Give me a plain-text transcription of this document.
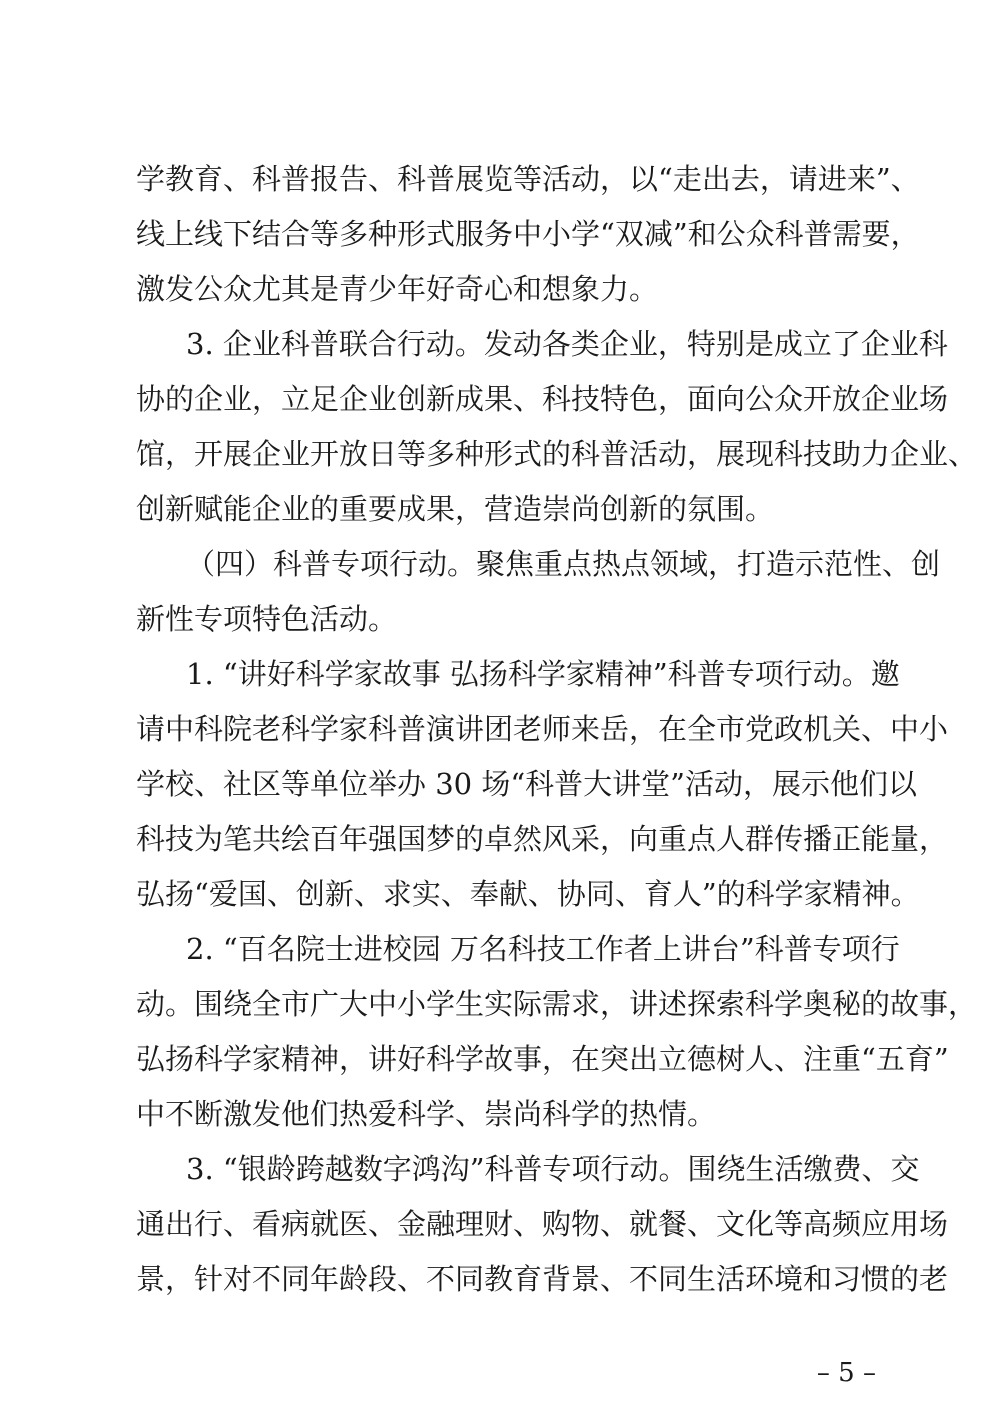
学教育、科普报告、科普展览等活动，以“走出去，请进来”、
线上线下结合等多种形式服务中小学“双减”和公众科普需要，
激发公众尤其是青少年好奇心和想象力。
3. 企业科普联合行动。发动各类企业，特别是成立了企业科
协的企业，立足企业创新成果、科技特色，面向公众开放企业场
馆，开展企业开放日等多种形式的科普活动，展现科技助力企业、
创新赋能企业的重要成果，营造崇尚创新的氛围。
（四）科普专项行动。聚焦重点热点领域，打造示范性、创
新性专项特色活动。
1. “讲好科学家故事 弘扬科学家精神”科普专项行动。邀
请中科院老科学家科普演讲团老师来岳，在全市党政机关、中小
学校、社区等单位举办 30 场“科普大讲堂”活动，展示他们以
科技为笔共绘百年强国梦的卓然风采，向重点人群传播正能量，
弘扬“爱国、创新、求实、奉献、协同、育人”的科学家精神。
2. “百名院士进校园 万名科技工作者上讲台”科普专项行
动。围绕全市广大中小学生实际需求，讲述探索科学奥秘的故事，
弘扬科学家精神，讲好科学故事，在突出立德树人、注重“五育”
中不断激发他们热爱科学、崇尚科学的热情。
3. “银龄跨越数字鸿沟”科普专项行动。围绕生活缴费、交
通出行、看病就医、金融理财、购物、就餐、文化等高频应用场
景，针对不同年龄段、不同教育背景、不同生活环境和习惯的老
– 5 –
